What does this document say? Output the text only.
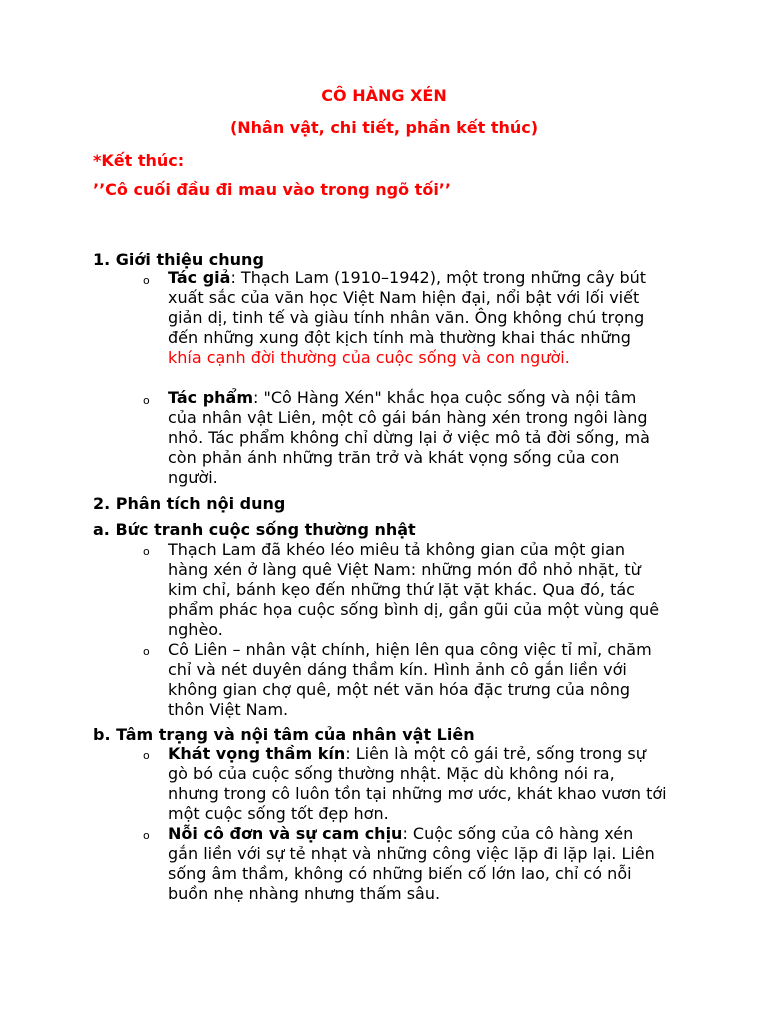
CÔ HÀNG XÉN
(Nhân vật, chi tiết, phần kết thúc)
*Kết thúc:
’’Cô cuối đầu đi mau vào trong ngõ tối’’
1. Giới thiệu chung
o Tác giả: Thạch Lam (1910–1942), một trong những cây bút xuất sắc của văn học Việt Nam hiện đại, nổi bật với lối viết giản dị, tinh tế và giàu tính nhân văn. Ông không chú trọng đến những xung đột kịch tính mà thường khai thác những khía cạnh đời thường của cuộc sống và con người.
o Tác phẩm: "Cô Hàng Xén" khắc họa cuộc sống và nội tâm của nhân vật Liên, một cô gái bán hàng xén trong ngôi làng nhỏ. Tác phẩm không chỉ dừng lại ở việc mô tả đời sống, mà còn phản ánh những trăn trở và khát vọng sống của con người.
2. Phân tích nội dung
a. Bức tranh cuộc sống thường nhật
o Thạch Lam đã khéo léo miêu tả không gian của một gian hàng xén ở làng quê Việt Nam: những món đồ nhỏ nhặt, từ kim chỉ, bánh kẹo đến những thứ lặt vặt khác. Qua đó, tác phẩm phác họa cuộc sống bình dị, gần gũi của một vùng quê nghèo.
o Cô Liên – nhân vật chính, hiện lên qua công việc tỉ mỉ, chăm chỉ và nét duyên dáng thầm kín. Hình ảnh cô gắn liền với không gian chợ quê, một nét văn hóa đặc trưng của nông thôn Việt Nam.
b. Tâm trạng và nội tâm của nhân vật Liên
o Khát vọng thầm kín: Liên là một cô gái trẻ, sống trong sự gò bó của cuộc sống thường nhật. Mặc dù không nói ra, nhưng trong cô luôn tồn tại những mơ ước, khát khao vươn tới một cuộc sống tốt đẹp hơn.
o Nỗi cô đơn và sự cam chịu: Cuộc sống của cô hàng xén gắn liền với sự tẻ nhạt và những công việc lặp đi lặp lại. Liên sống âm thầm, không có những biến cố lớn lao, chỉ có nỗi buồn nhẹ nhàng nhưng thấm sâu.
